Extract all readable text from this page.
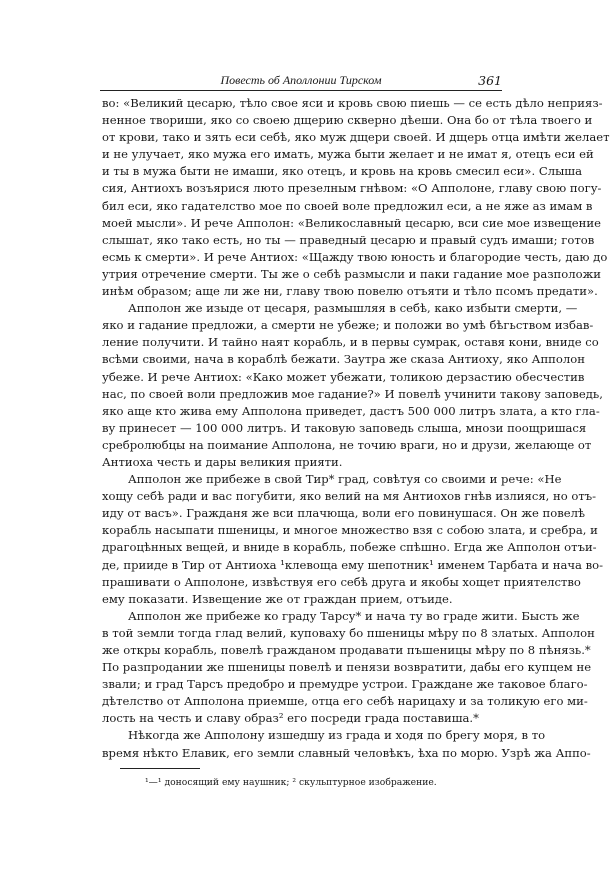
Повесть об Аполлонии Тирском	361
во: «Великий цесарю, тѣло свое яси и кровь свою пиешь — се есть дѣло неприяз-
ненное твориши, яко со своею дщерию скверно дѣеши. Она бо от тѣла твоего и
от крови, тако и зять еси себѣ, яко муж дщери своей. И дщерь отца имѣти желает
и не улучает, яко мужа его имать, мужа быти желает и не имат я, отецъ еси ей
и ты в мужа быти не имаши, яко отецъ, и кровь на кровь смесил еси». Слыша
сия, Антиохъ возъярися люто презелным гнѣвом: «О Апполоне, главу свою погу-
бил еси, яко гадателство мое по своей воле предложил еси, а не яже аз имам в
моей мысли». И рече Апполон: «Великославный цесарю, вси сие мое извещение
слышат, яко тако есть, но ты — праведный цесарю и правый судъ имаши; готов
есмь к смерти». И рече Антиох: «Щажду твою юность и благородие честь, даю до
утрия отречение смерти. Ты же о себѣ размысли и паки гадание мое разположи
инѣм образом; аще ли же ни, главу твою повелю отъяти и тѣло псомъ предати».
Апполон же изыде от цесаря, размышляя в себѣ, како избыти смерти, —
яко и гадание предложи, а смерти не убеже; и положи во умѣ бѣгьством избав-
ление получити. И тайно наят корабль, и в первы сумрак, оставя кони, вниде со
всѣми своими, нача в кораблѣ бежати. Заутра же сказа Антиоху, яко Апполон
убеже. И рече Антиох: «Како может убежати, толикою дерзастию обесчестив
нас, по своей воли предложив мое гадание?» И повелѣ учинити такову заповедь,
яко аще кто жива ему Апполона приведет, дастъ 500 000 литръ злата, а кто гла-
ву принесет — 100 000 литръ. И таковую заповедь слыша, мнози поощришася
сребролюбцы на поимание Апполона, не точию враги, но и друзи, желающе от
Антиоха честь и дары великия прияти.
Апполон же прибеже в свой Тир* град, совѣтуя со своими и рече: «Не
хощу себѣ ради и вас погубити, яко велий на мя Антиохов гнѣв излияся, но отъ-
иду от васъ». Гражданя же вси плачюща, воли его повинушася. Он же повелѣ
корабль насыпати пшеницы, и многое множество взя с собою злата, и сребра, и
драгоцѣнных вещей, и вниде в корабль, побеже спѣшно. Егда же Апполон отъи-
де, прииде в Тир от Антиоха ¹клевоща ему шепотник¹ именем Тарбата и нача во-
прашивати о Апполоне, извѣствуя его себѣ друга и якобы хощет приятелство
ему показати. Извещение же от граждан прием, отъиде.
Апполон же прибеже ко граду Тарсу* и нача ту во граде жити. Бысть же
в той земли тогда глад велий, куповаху бо пшеницы мѣру по 8 златых. Апполон
же откры корабль, повелѣ гражданом продавати пъшеницы мѣру по 8 пѣнязь.*
По разпродании же пшеницы повелѣ и пенязи возвратити, дабы его купцем не
звали; и град Тарсъ предобро и премудре устрои. Граждане же таковое благо-
дѣтелство от Апполона приемше, отца его себѣ нарицаху и за толикую его ми-
лость на честь и славу образ² его посреди града поставиша.*
Нѣкогда же Апполону изшедшу из града и ходя по брегу моря, в то
время нѣкто Елавик, его земли славный человѣкъ, ѣха по морю. Узрѣ жа Аппо-
¹—¹ доносящий ему наушник; ² скульптурное изображение.
